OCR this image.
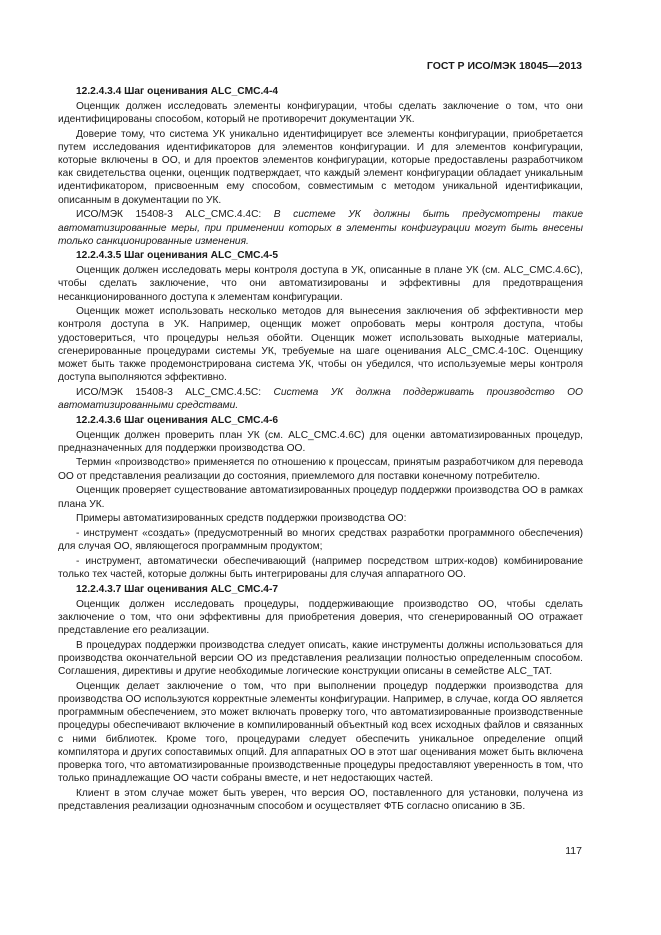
ГОСТ Р ИСО/МЭК 18045—2013

12.2.4.3.4 Шаг оценивания ALC_CMC.4-4

Оценщик должен исследовать элементы конфигурации, чтобы сделать заключение о том, что они идентифицированы способом, который не противоречит документации УК.

Доверие тому, что система УК уникально идентифицирует все элементы конфигурации, приобретается путем исследования идентификаторов для элементов конфигурации. И для элементов конфигурации, которые включены в ОО, и для проектов элементов конфигурации, которые предоставлены разработчиком как свидетельства оценки, оценщик подтверждает, что каждый элемент конфигурации обладает уникальным идентификатором, присвоенным ему способом, совместимым с методом уникальной идентификации, описанным в документации по УК.

ИСО/МЭК 15408-3 ALC_CMC.4.4C: В системе УК должны быть предусмотрены такие автоматизированные меры, при применении которых в элементы конфигурации могут быть внесены только санкционированные изменения.

12.2.4.3.5 Шаг оценивания ALC_CMC.4-5

Оценщик должен исследовать меры контроля доступа в УК, описанные в плане УК (см. ALC_CMC.4.6C), чтобы сделать заключение, что они автоматизированы и эффективны для предотвращения несанкционированного доступа к элементам конфигурации.

Оценщик может использовать несколько методов для вынесения заключения об эффективности мер контроля доступа в УК. Например, оценщик может опробовать меры контроля доступа, чтобы удостовериться, что процедуры нельзя обойти. Оценщик может использовать выходные материалы, сгенерированные процедурами системы УК, требуемые на шаге оценивания ALC_CMC.4-10C. Оценщику может быть также продемонстрирована система УК, чтобы он убедился, что используемые меры контроля доступа выполняются эффективно.

ИСО/МЭК 15408-3 ALC_CMC.4.5C: Система УК должна поддерживать производство ОО автоматизированными средствами.

12.2.4.3.6 Шаг оценивания ALC_CMC.4-6

Оценщик должен проверить план УК (см. ALC_CMC.4.6C) для оценки автоматизированных процедур, предназначенных для поддержки производства ОО.

Термин «производство» применяется по отношению к процессам, принятым разработчиком для перевода ОО от представления реализации до состояния, приемлемого для поставки конечному потребителю.

Оценщик проверяет существование автоматизированных процедур поддержки производства ОО в рамках плана УК.

Примеры автоматизированных средств поддержки производства ОО:

- инструмент «создать» (предусмотренный во многих средствах разработки программного обеспечения) для случая ОО, являющегося программным продуктом;

- инструмент, автоматически обеспечивающий (например посредством штрих-кодов) комбинирование только тех частей, которые должны быть интегрированы для случая аппаратного ОО.

12.2.4.3.7 Шаг оценивания ALC_CMC.4-7

Оценщик должен исследовать процедуры, поддерживающие производство ОО, чтобы сделать заключение о том, что они эффективны для приобретения доверия, что сгенерированный ОО отражает представление его реализации.

В процедурах поддержки производства следует описать, какие инструменты должны использоваться для производства окончательной версии ОО из представления реализации полностью определенным способом. Соглашения, директивы и другие необходимые логические конструкции описаны в семействе ALC_TAT.

Оценщик делает заключение о том, что при выполнении процедур поддержки производства для производства ОО используются корректные элементы конфигурации. Например, в случае, когда ОО является программным обеспечением, это может включать проверку того, что автоматизированные производственные процедуры обеспечивают включение в компилированный объектный код всех исходных файлов и связанных с ними библиотек. Кроме того, процедурами следует обеспечить уникальное определение опций компилятора и других сопоставимых опций. Для аппаратных ОО в этот шаг оценивания может быть включена проверка того, что автоматизированные производственные процедуры предоставляют уверенность в том, что только принадлежащие ОО части собраны вместе, и нет недостающих частей.

Клиент в этом случае может быть уверен, что версия ОО, поставленного для установки, получена из представления реализации однозначным способом и осуществляет ФТБ согласно описанию в ЗБ.

117
